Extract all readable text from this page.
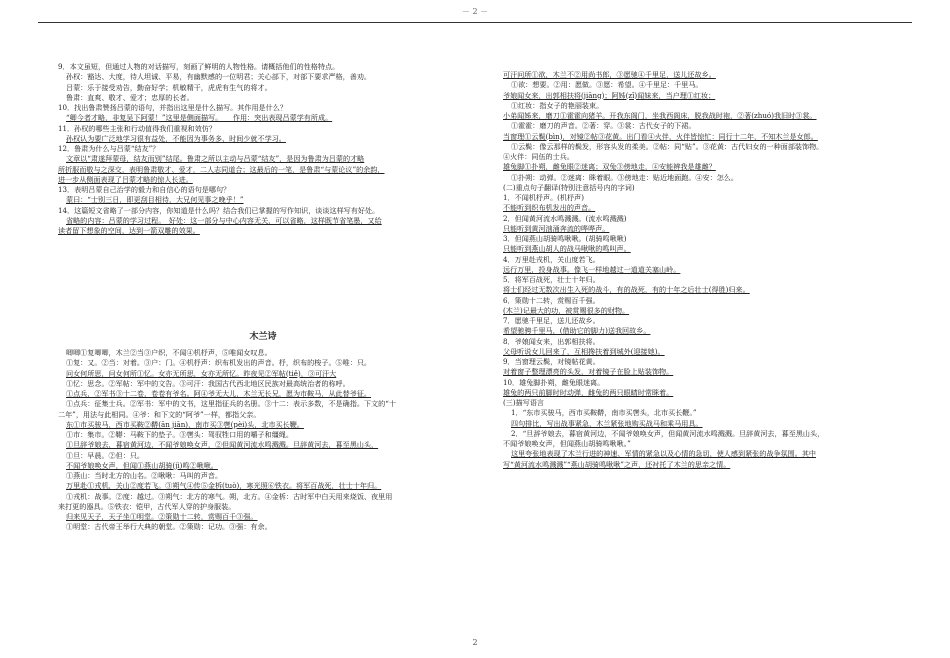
－ 2 －
9．本文虽短，但通过人物的对话描写，刻画了鲜明的人物性格。请概括他们的性格特点。
孙权：豁达、大度，待人坦诚、平易，有幽默感的一位明君；关心部下，对部下要求严格，善劝。
吕蒙：乐于接受劝告，勤奋好学；机敏精干，虎虎有生气的将才。
鲁肃：直爽、敬才、爱才；忠厚的长者。
10．找出鲁肃赞扬吕蒙的语句，并指出这里是什么描写。其作用是什么？
“卿今者才略，非复吴下阿蒙！”这里是侧面描写。　　作用：突出表现吕蒙学有所成。
11．孙权的哪些主张和行动值得我们重视和效仿？
孙权认为要广泛地学习很有益处，不能因为事务多、时间少就不学习。
12．鲁肃为什么与吕蒙“结友”？
文章以“肃遂拜蒙母，结友而别”结尾。鲁肃之所以主动与吕蒙“结友”，是因为鲁肃为吕蒙的才略
所折服而敬与之深交，表明鲁肃敬才、爱才，二人志同道合；这最后的一笔，是鲁肃“与蒙论议”的余韵，
进一步从侧面表现了吕蒙才略的惊人长进。
13．表明吕蒙自己治学的毅力和自信心的语句是哪句？
蒙曰：“士别三日，即更刮目相待，大兄何见事之晚乎！”
14．这篇短文省略了一部分内容，你知道是什么吗？结合我们已掌握的写作知识，谈谈这样写有好处。
省略的内容：吕蒙的学习过程。　好处：这一部分与中心内容无关，可以省略，这样既节省笔墨，又给
读者留下想象的空间，达到一箭双雕的效果。
木兰诗
唧唧①复唧唧，木兰②当③户织，不闻④机杼声，⑤唯闻女叹息。
①复：又。②当：对着。③户：门。④机杼声：织布机发出的声音。杼，织布的梭子。⑤唯：只。
问女何所思，问女何所①忆。女亦无所思，女亦无所忆。昨夜见②军帖(tiě)，③可汗大
①忆：思念。②军帖：军中的文告。③可汗：我国古代西北地区民族对最高统治者的称呼。
①点兵，②军书③十二卷，卷卷有爷名。阿④爷无大儿，木兰无长兄，愿为市鞍马，从此替爷征。
①点兵：征集士兵。②军书：军中的文书，这里指征兵的名册。③十二：表示多数，不是确指。下文的“十
二年”，用法与此相同。④爷：和下文的“阿爷”一样，都指父亲。
东①市买骏马，西市买鞍②鞯(ān jiān)，南市买③辔(pèi)头，北市买长鞭。
①市：集市。②鞯：马鞍下的垫子。③辔头：驾驭牲口用的嚼子和缰绳。
①旦辞爷娘去，暮宿黄河边，不闻爷娘唤女声，②但闻黄河流水鸣溅溅。旦辞黄河去，暮至黑山头，
①旦：早晨。②但：只。
不闻爷娘唤女声，但闻①燕山胡骑(jì)鸣②啾啾。
①燕山：当时北方的山名。②啾啾：马叫的声音。
万里赴①戎机，关山②度若飞。③朔气④传⑤金柝(tuò)，寒光照⑥铁衣。将军百战死，壮士十年归。
①戎机：战事。②度：越过。③朔气：北方的寒气。朔，北方。④金柝：古时军中白天用来烧饭、夜里用
来打更的器具。⑤铁衣：铠甲，古代军人穿的护身服装。
归来见天子，天子坐①明堂。②策勋十二转，赏赐百千③强。
①明堂：古代帝王举行大典的朝堂。②策勋：记功。③强：有余。
可汗问所①欲，木兰不②用尚书郎，③愿驰④千里足，送儿还故乡。
①欲：想要。②用：愿做。③愿：希望。④千里足：千里马。
爷娘闻女来，出郭相扶将(jiāng)；阿姊(zǐ)闻妹来，当户理①红妆；
①红妆：指女子的艳丽装束。
小弟闻姊来，磨刀①霍霍向猪羊。开我东阁门，坐我西阁床，脱我战时袍，②著(zhuó)我旧时③裳。
①霍霍：磨刀的声音。②著：穿。③裳：古代女子的下裙。
当窗理①云鬓(bìn)，对镜②帖③花黄。出门看④火伴，火伴皆惊忙：同行十二年，不知木兰是女郎。
①云鬓：像云那样的鬓发，形容头发的柔美。②帖：同“贴”。③花黄：古代妇女的一种面部装饰物。
④火伴：同伍的士兵。
雄兔脚①扑朔，雌兔眼②迷离；双兔③傍地走，④安能辨我是雄雌？
①扑朔：动弹。②迷离：眯着眼。③傍地走：贴近地面跑。④安：怎么。
(二)重点句子翻译(特别注意括号内的字词)
1．不闻机杼声。(机杼声)
不能听到织布机发出的声音。
2．但闻黄河流水鸣溅溅。(流水鸣溅溅)
只能听到黄河汹涌奔流的哗哗声。
3．但闻燕山胡骑鸣啾啾。(胡骑鸣啾啾)
只能听到燕山胡人的战马啾啾的鸣叫声。
4．万里赴戎机，关山度若飞。
远行万里，投身战事。像飞一样地越过一道道关塞山岭。
5．将军百战死，壮士十年归。
将士们经过无数次出生入死的战斗，有的战死，有的十年之后壮士(得胜)归来。
6．策勋十二转，赏赐百千强。
(木兰)记最大的功，被赏赐很多的财物。
7．愿驰千里足，送儿还故乡。
希望驰骋千里马，(借助它的脚力)送我回故乡。
8．爷娘闻女来，出郭相扶将。
父母听说女儿回来了，互相搀扶着到城外(迎接她)。
9．当窗理云鬓，对镜帖花黄。
对着窗子整理漂亮的头发，对着镜子在脸上贴装饰物。
10．雄兔脚扑朔，雌兔眼迷离。
雄兔的两只前脚时时动弹，雌兔的两只眼睛时常眯着。
(三)描写语言
1．“东市买骏马，西市买鞍鞯，南市买辔头，北市买长鞭。”
四句排比，写出战事紧急，木兰紧张地购买战马和乘马用具。
2．“旦辞爷娘去，暮宿黄河边，不闻爷娘唤女声，但闻黄河流水鸣溅溅。旦辞黄河去，暮至黑山头，
不闻爷娘唤女声，但闻燕山胡骑鸣啾啾。”
这里夸张地表现了木兰行进的神速、军情的紧急以及心情的急切，使人感到紧张的战争氛围。其中
写“黄河流水鸣溅溅”“燕山胡骑鸣啾啾”之声，还衬托了木兰的思亲之情。
2
